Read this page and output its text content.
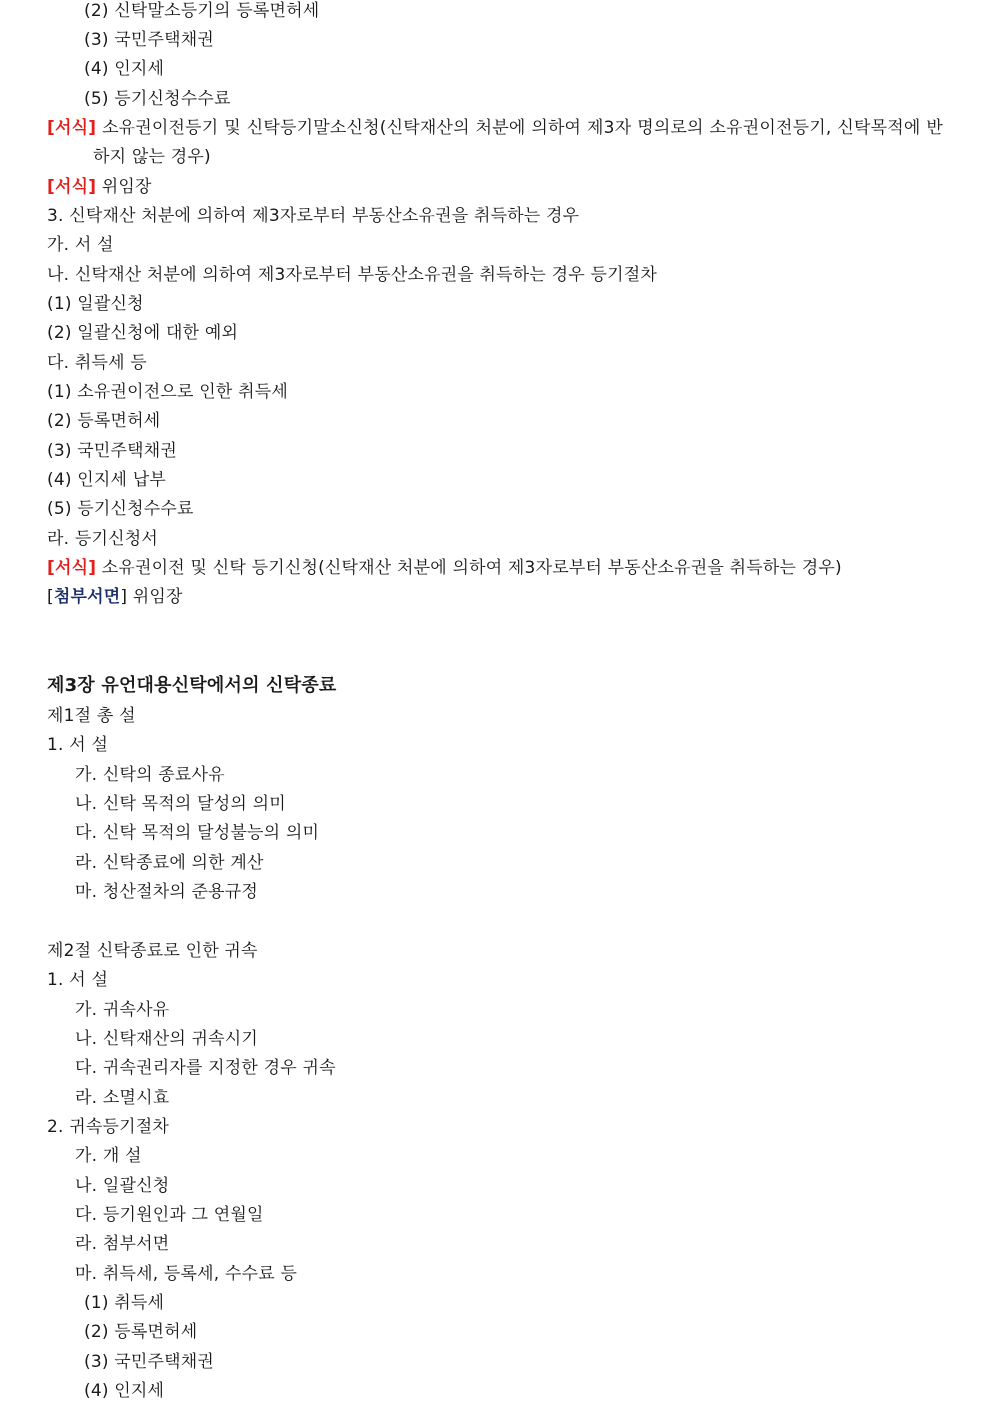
(2) 신탁말소등기의 등록면허세
(3) 국민주택채권
(4) 인지세
(5) 등기신청수수료
[서식] 소유권이전등기 및 신탁등기말소신청(신탁재산의 처분에 의하여 제3자 명의로의 소유권이전등기, 신탁목적에 반
하지 않는 경우)
[서식] 위임장
3. 신탁재산 처분에 의하여 제3자로부터 부동산소유권을 취득하는 경우
가. 서 설
나. 신탁재산 처분에 의하여 제3자로부터 부동산소유권을 취득하는 경우 등기절차
(1) 일괄신청
(2) 일괄신청에 대한 예외
다. 취득세 등
(1) 소유권이전으로 인한 취득세
(2) 등록면허세
(3) 국민주택채권
(4) 인지세 납부
(5) 등기신청수수료
라. 등기신청서
[서식] 소유권이전 및 신탁 등기신청(신탁재산 처분에 의하여 제3자로부터 부동산소유권을 취득하는 경우)
[첨부서면] 위임장
제3장 유언대용신탁에서의 신탁종료
제1절 총 설
1. 서 설
가. 신탁의 종료사유
나. 신탁 목적의 달성의 의미
다. 신탁 목적의 달성불능의 의미
라. 신탁종료에 의한 계산
마. 청산절차의 준용규정
제2절 신탁종료로 인한 귀속
1. 서 설
가. 귀속사유
나. 신탁재산의 귀속시기
다. 귀속권리자를 지정한 경우 귀속
라. 소멸시효
2. 귀속등기절차
가. 개 설
나. 일괄신청
다. 등기원인과 그 연월일
라. 첨부서면
마. 취득세, 등록세, 수수료 등
(1) 취득세
(2) 등록면허세
(3) 국민주택채권
(4) 인지세
